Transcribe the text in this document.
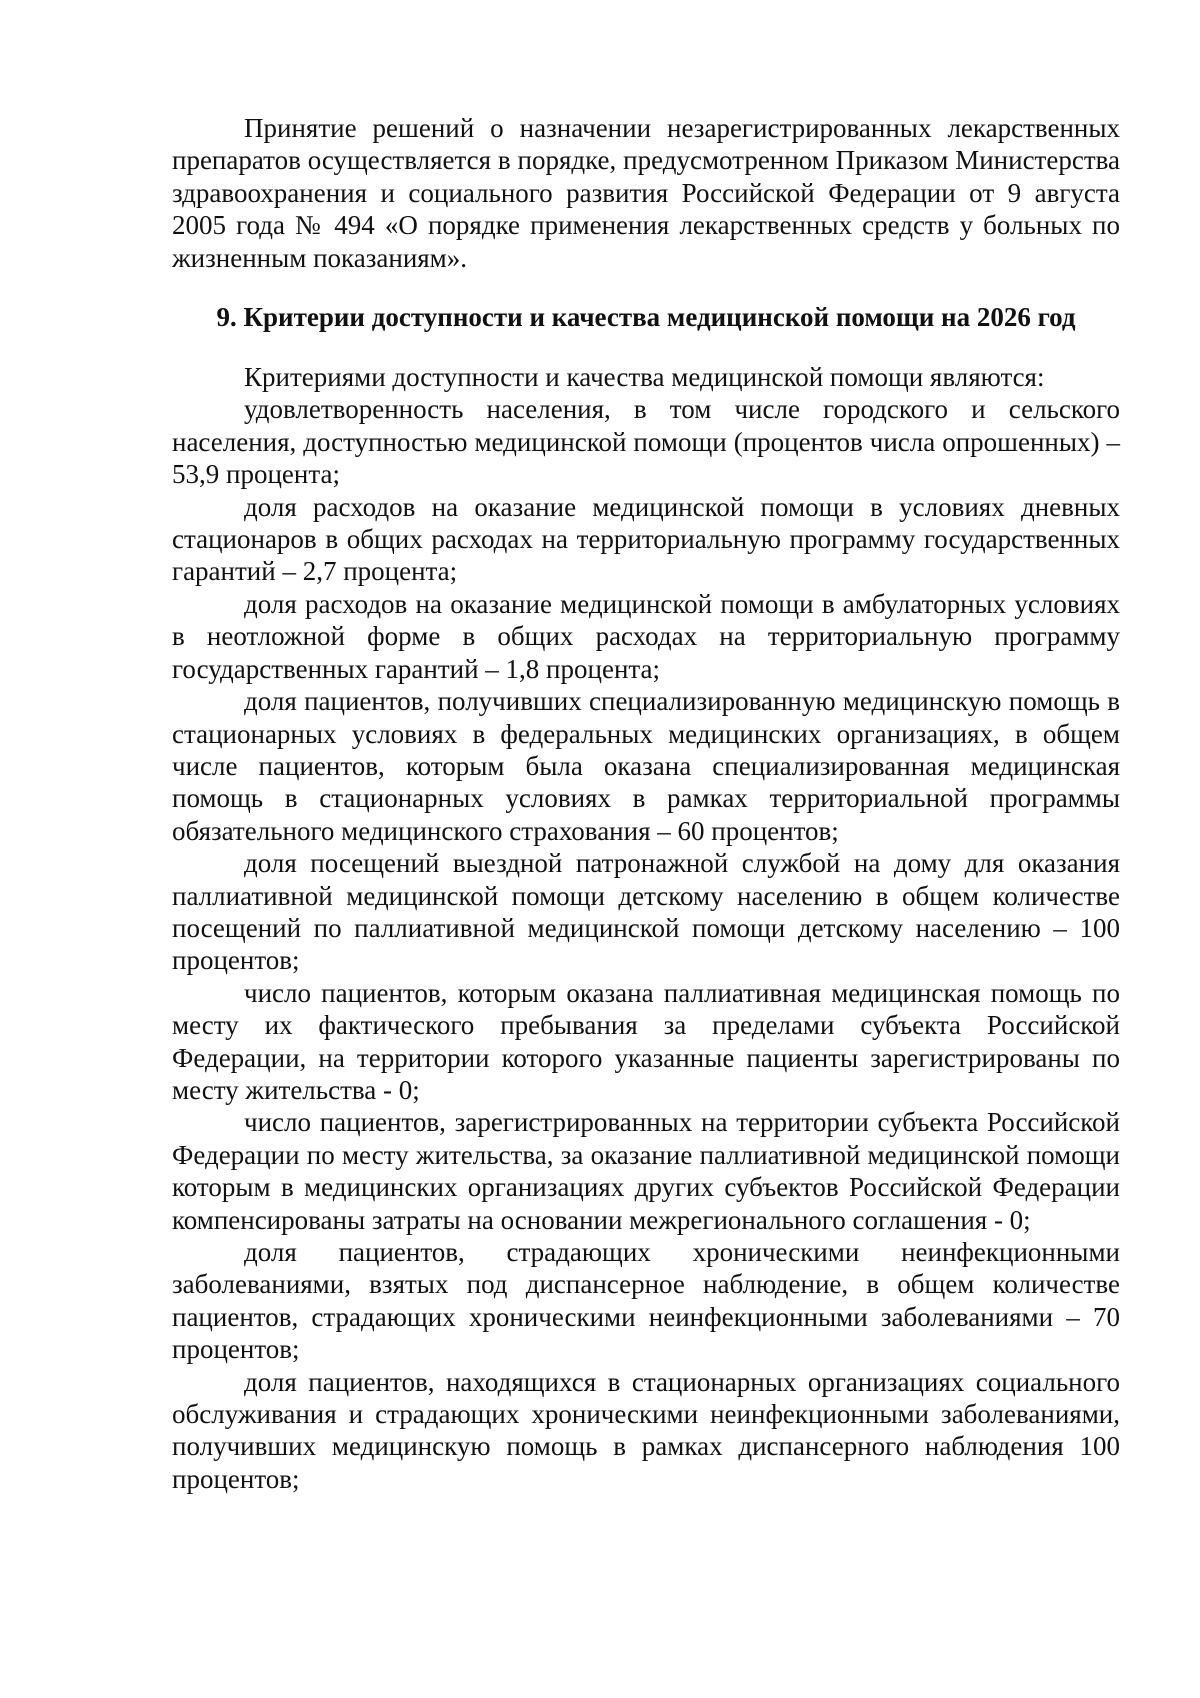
Принятие решений о назначении незарегистрированных лекарственных препаратов осуществляется в порядке, предусмотренном Приказом Министерства здравоохранения и социального развития Российской Федерации от 9 августа 2005 года № 494 «О порядке применения лекарственных средств у больных по жизненным показаниям».

9. Критерии доступности и качества медицинской помощи на 2026 год

Критериями доступности и качества медицинской помощи являются:

удовлетворенность населения, в том числе городского и сельского населения, доступностью медицинской помощи (процентов числа опрошенных) – 53,9 процента;

доля расходов на оказание медицинской помощи в условиях дневных стационаров в общих расходах на территориальную программу государственных гарантий – 2,7 процента;

доля расходов на оказание медицинской помощи в амбулаторных условиях в неотложной форме в общих расходах на территориальную программу государственных гарантий – 1,8 процента;

доля пациентов, получивших специализированную медицинскую помощь в стационарных условиях в федеральных медицинских организациях, в общем числе пациентов, которым была оказана специализированная медицинская помощь в стационарных условиях в рамках территориальной программы обязательного медицинского страхования – 60 процентов;

доля посещений выездной патронажной службой на дому для оказания паллиативной медицинской помощи детскому населению в общем количестве посещений по паллиативной медицинской помощи детскому населению – 100 процентов;

число пациентов, которым оказана паллиативная медицинская помощь по месту их фактического пребывания за пределами субъекта Российской Федерации, на территории которого указанные пациенты зарегистрированы по месту жительства - 0;

число пациентов, зарегистрированных на территории субъекта Российской Федерации по месту жительства, за оказание паллиативной медицинской помощи которым в медицинских организациях других субъектов Российской Федерации компенсированы затраты на основании межрегионального соглашения - 0;

доля пациентов, страдающих хроническими неинфекционными заболеваниями, взятых под диспансерное наблюдение, в общем количестве пациентов, страдающих хроническими неинфекционными заболеваниями – 70 процентов;

доля пациентов, находящихся в стационарных организациях социального обслуживания и страдающих хроническими неинфекционными заболеваниями, получивших медицинскую помощь в рамках диспансерного наблюдения 100 процентов;
